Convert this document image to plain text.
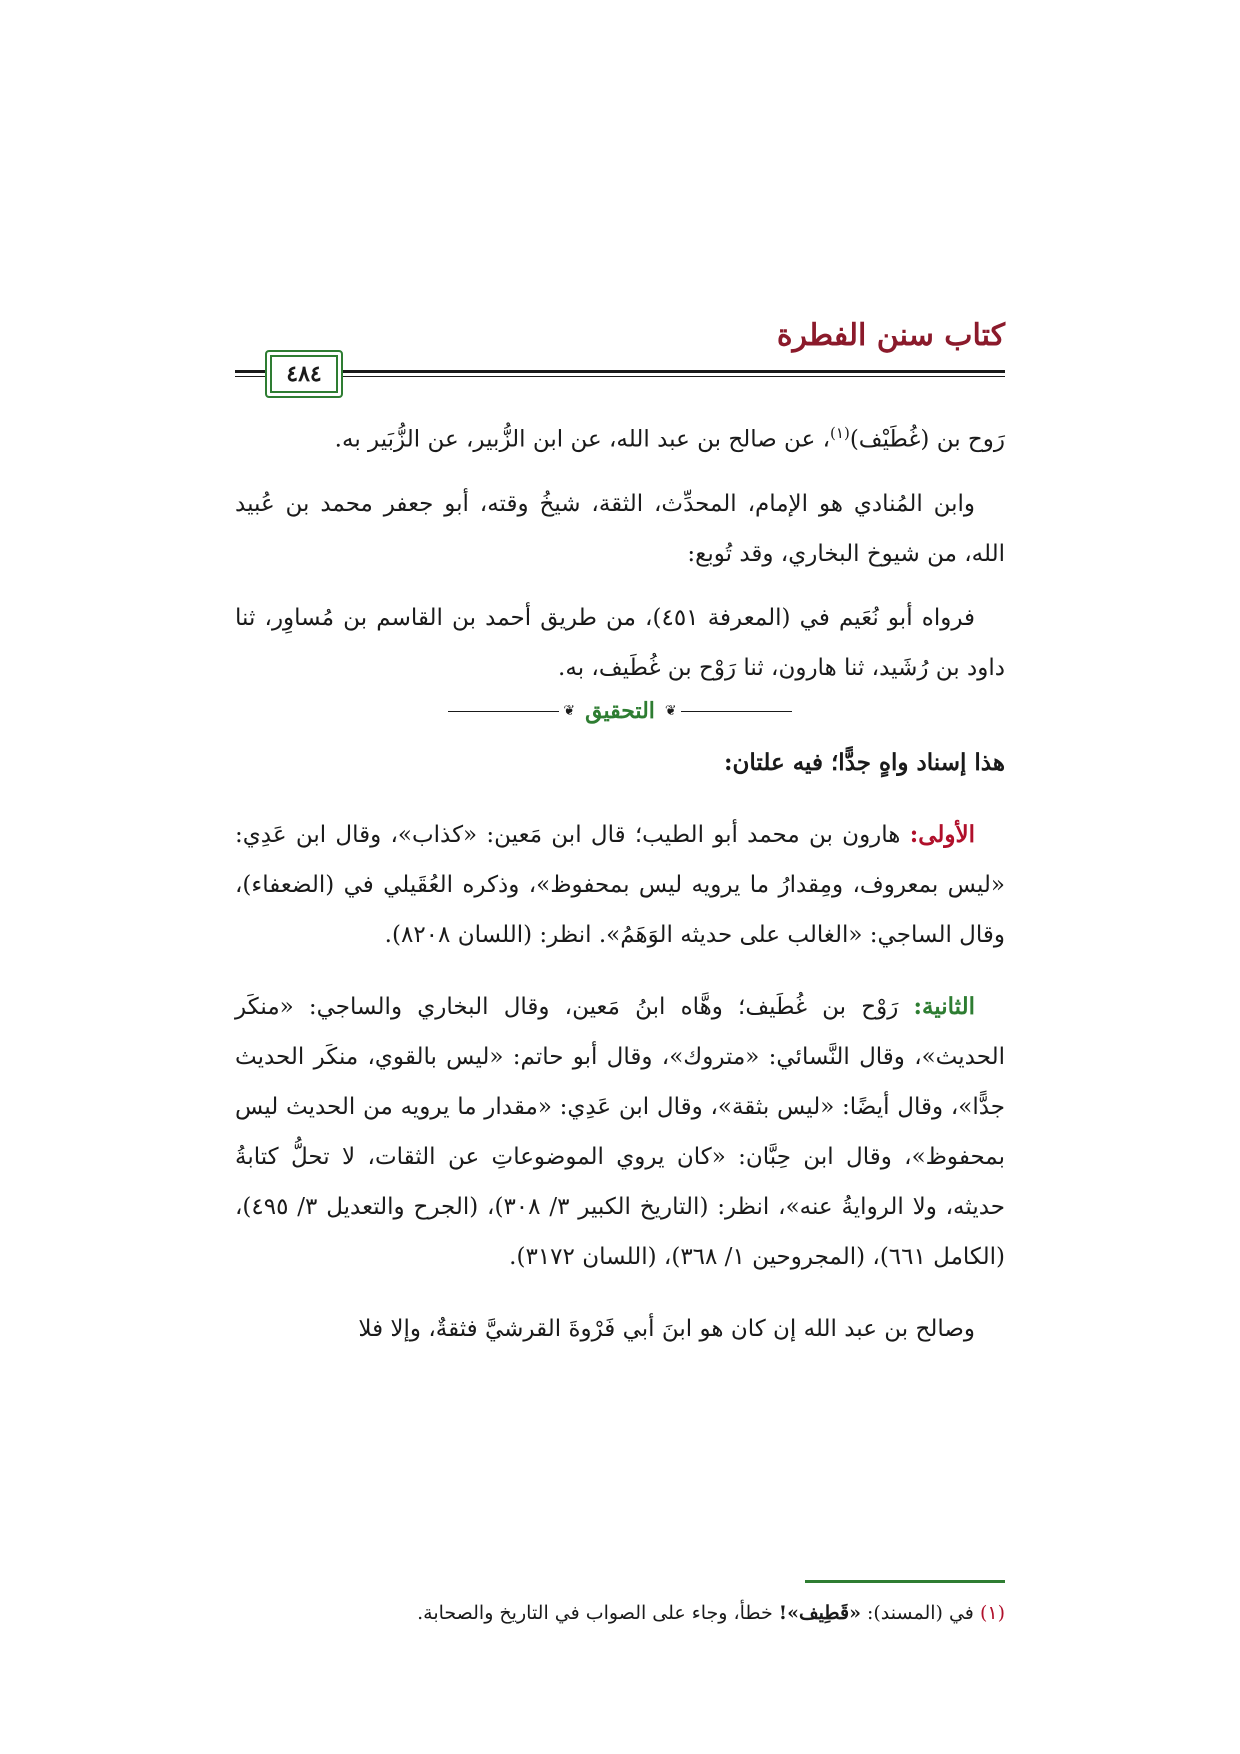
كتاب سنن الفطرة
٤٨٤

رَوح بن (غُطَيْف)$^{(١)}$، عن صالح بن عبد الله، عن ابن الزُّبير، عن الزُّبَير به.

وابن المُنادي هو الإمام، المحدِّث، الثقة، شيخُ وقته، أبو جعفر محمد بن عُبيد الله، من شيوخ البخاري، وقد تُوبع:

فرواه أبو نُعَيم في (المعرفة ٤٥١)، من طريق أحمد بن القاسم بن مُساوِر، ثنا داود بن رُشَيد، ثنا هارون، ثنا رَوْح بن غُطَيف، به.

❦
التحقيق
❦

هذا إسناد واهٍ جدًّا؛ فيه علتان:

الأولى: هارون بن محمد أبو الطيب؛ قال ابن مَعين: «كذاب»، وقال ابن عَدِي: «ليس بمعروف، ومِقدارُ ما يرويه ليس بمحفوظ»، وذكره العُقَيلي في (الضعفاء)، وقال الساجي: «الغالب على حديثه الوَهَمُ». انظر: (اللسان ٨٢٠٨).

الثانية: رَوْح بن غُطَيف؛ وهَّاه ابنُ مَعين، وقال البخاري والساجي: «منكَر الحديث»، وقال النَّسائي: «متروك»، وقال أبو حاتم: «ليس بالقوي، منكَر الحديث جدًّا»، وقال أيضًا: «ليس بثقة»، وقال ابن عَدِي: «مقدار ما يرويه من الحديث ليس بمحفوظ»، وقال ابن حِبَّان: «كان يروي الموضوعاتِ عن الثقات، لا تحلُّ كتابةُ حديثه، ولا الروايةُ عنه»، انظر: (التاريخ الكبير ٣/ ٣٠٨)، (الجرح والتعديل ٣/ ٤٩٥)، (الكامل ٦٦١)، (المجروحين ١/ ٣٦٨)، (اللسان ٣١٧٢).

وصالح بن عبد الله إن كان هو ابنَ أبي فَرْوةَ القرشيَّ فثقةٌ، وإلا فلا

(١) في (المسند): «قَطِيف»! خطأ، وجاء على الصواب في التاريخ والصحابة.
